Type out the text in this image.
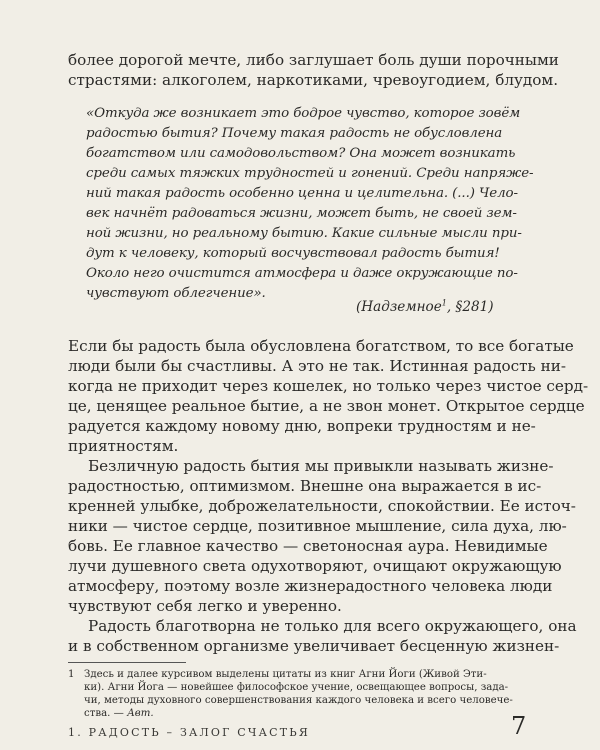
более дорогой мечте, либо заглушает боль души порочными
страстями: алкоголем, наркотиками, чревоугодием, блудом.
«Откуда же возникает это бодрое чувство, которое зовём
радостью бытия? Почему такая радость не обусловлена
богатством или самодовольством? Она может возникать
среди самых тяжких трудностей и гонений. Среди напряже-
ний такая радость особенно ценна и целительна. (...) Чело-
век начнёт радоваться жизни, может быть, не своей зем-
ной жизни, но реальному бытию. Какие сильные мысли при-
дут к человеку, который восчувствовал радость бытия!
Около него очистится атмосфера и даже окружающие по-
чувствуют облегчение».
(Надземное$^1$, §281)
Если бы радость была обусловлена богатством, то все богатые
люди были бы счастливы. А это не так. Истинная радость ни-
когда не приходит через кошелек, но только через чистое серд-
це, ценящее реальное бытие, а не звон монет. Открытое сердце
радуется каждому новому дню, вопреки трудностям и не-
приятностям.
Безличную радость бытия мы привыкли называть жизне-
радостностью, оптимизмом. Внешне она выражается в ис-
кренней улыбке, доброжелательности, спокойствии. Ее источ-
ники — чистое сердце, позитивное мышление, сила духа, лю-
бовь. Ее главное качество — светоносная аура. Невидимые
лучи душевного света одухотворяют, очищают окружающую
атмосферу, поэтому возле жизнерадостного человека люди
чувствуют себя легко и уверенно.
Радость благотворна не только для всего окружающего, она
и в собственном организме увеличивает бесценную жизнен-
1 Здесь и далее курсивом выделены цитаты из книг Агни Йоги (Живой Эти-
ки). Агни Йога — новейшее философское учение, освещающее вопросы, зада-
чи, методы духовного совершенствования каждого человека и всего человече-
ства. — Авт.
1. РАДОСТЬ – ЗАЛОГ СЧАСТЬЯ	7
